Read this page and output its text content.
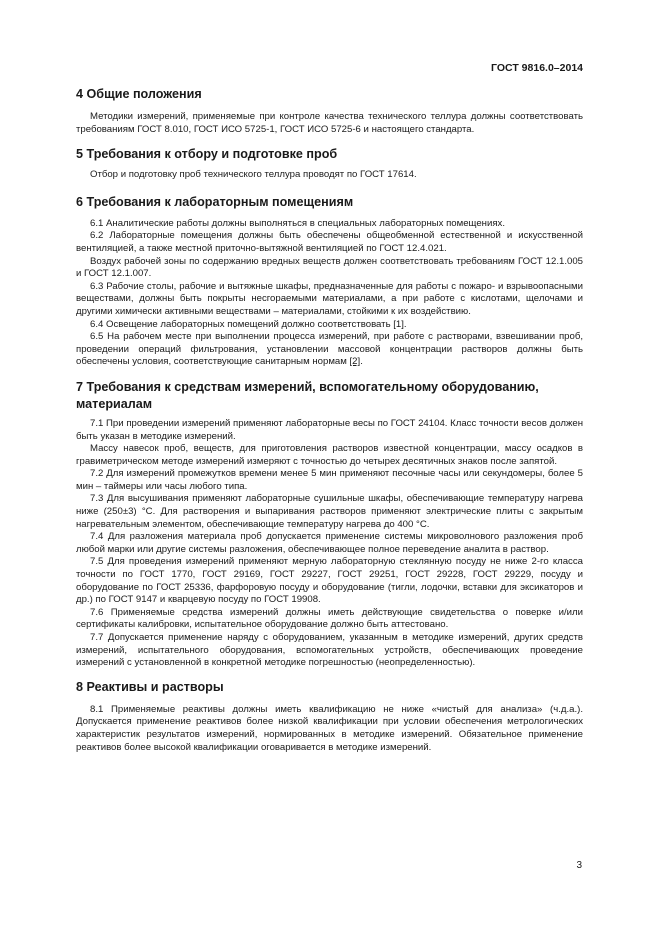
ГОСТ 9816.0–2014
4 Общие положения

Методики измерений, применяемые при контроле качества технического теллура должны соответствовать требованиям ГОСТ 8.010, ГОСТ ИСО 5725-1, ГОСТ ИСО 5725-6 и настоящего стандарта.

5 Требования к отбору и подготовке проб

Отбор и подготовку проб технического теллура проводят по ГОСТ 17614.

6 Требования к лабораторным помещениям

6.1 Аналитические работы должны выполняться в специальных лабораторных помещениях.

6.2 Лабораторные помещения должны быть обеспечены общеобменной естественной и искусственной вентиляцией, а также местной приточно-вытяжной вентиляцией по ГОСТ 12.4.021.

Воздух рабочей зоны по содержанию вредных веществ должен соответствовать требованиям ГОСТ 12.1.005 и ГОСТ 12.1.007.

6.3 Рабочие столы, рабочие и вытяжные шкафы, предназначенные для работы с пожаро- и взрывоопасными веществами, должны быть покрыты несгораемыми материалами, а при работе с кислотами, щелочами и другими химически активными веществами – материалами, стойкими к их воздействию.

6.4 Освещение лабораторных помещений должно соответствовать [1].

6.5 На рабочем месте при выполнении процесса измерений, при работе с растворами, взвешивании проб, проведении операций фильтрования, установлении массовой концентрации растворов должны быть обеспечены условия, соответствующие санитарным нормам [2].

7 Требования к средствам измерений, вспомогательному оборудованию, материалам

7.1 При проведении измерений применяют лабораторные весы по ГОСТ 24104. Класс точности весов должен быть указан в методике измерений.

Массу навесок проб, веществ, для приготовления растворов известной концентрации, массу осадков в гравиметрическом методе измерений измеряют с точностью до четырех десятичных знаков после запятой.

7.2 Для измерений промежутков времени менее 5 мин применяют песочные часы или секундомеры, более 5 мин – таймеры или часы любого типа.

7.3 Для высушивания применяют лабораторные сушильные шкафы, обеспечивающие температуру нагрева ниже (250±3) °С. Для растворения и выпаривания растворов применяют электрические плиты с закрытым нагревательным элементом, обеспечивающие температуру нагрева до 400 °С.

7.4 Для разложения материала проб допускается применение системы микроволнового разложения проб любой марки или другие системы разложения, обеспечивающее полное переведение аналита в раствор.

7.5 Для проведения измерений применяют мерную лабораторную стеклянную посуду не ниже 2-го класса точности по ГОСТ 1770, ГОСТ 29169, ГОСТ 29227, ГОСТ 29251, ГОСТ 29228, ГОСТ 29229, посуду и оборудование по ГОСТ 25336, фарфоровую посуду и оборудование (тигли, лодочки, вставки для эксикаторов и др.) по ГОСТ 9147 и кварцевую посуду по ГОСТ 19908.

7.6 Применяемые средства измерений должны иметь действующие свидетельства о поверке и/или сертификаты калибровки, испытательное оборудование должно быть аттестовано.

7.7 Допускается применение наряду с оборудованием, указанным в методике измерений, других средств измерений, испытательного оборудования, вспомогательных устройств, обеспечивающих проведение измерений с установленной в конкретной методике погрешностью (неопределенностью).

8 Реактивы и растворы

8.1 Применяемые реактивы должны иметь квалификацию не ниже «чистый для анализа» (ч.д.а.). Допускается применение реактивов более низкой квалификации при условии обеспечения метрологических характеристик результатов измерений, нормированных в методике измерений. Обязательное применение реактивов более высокой квалификации оговаривается в методике измерений.

3
